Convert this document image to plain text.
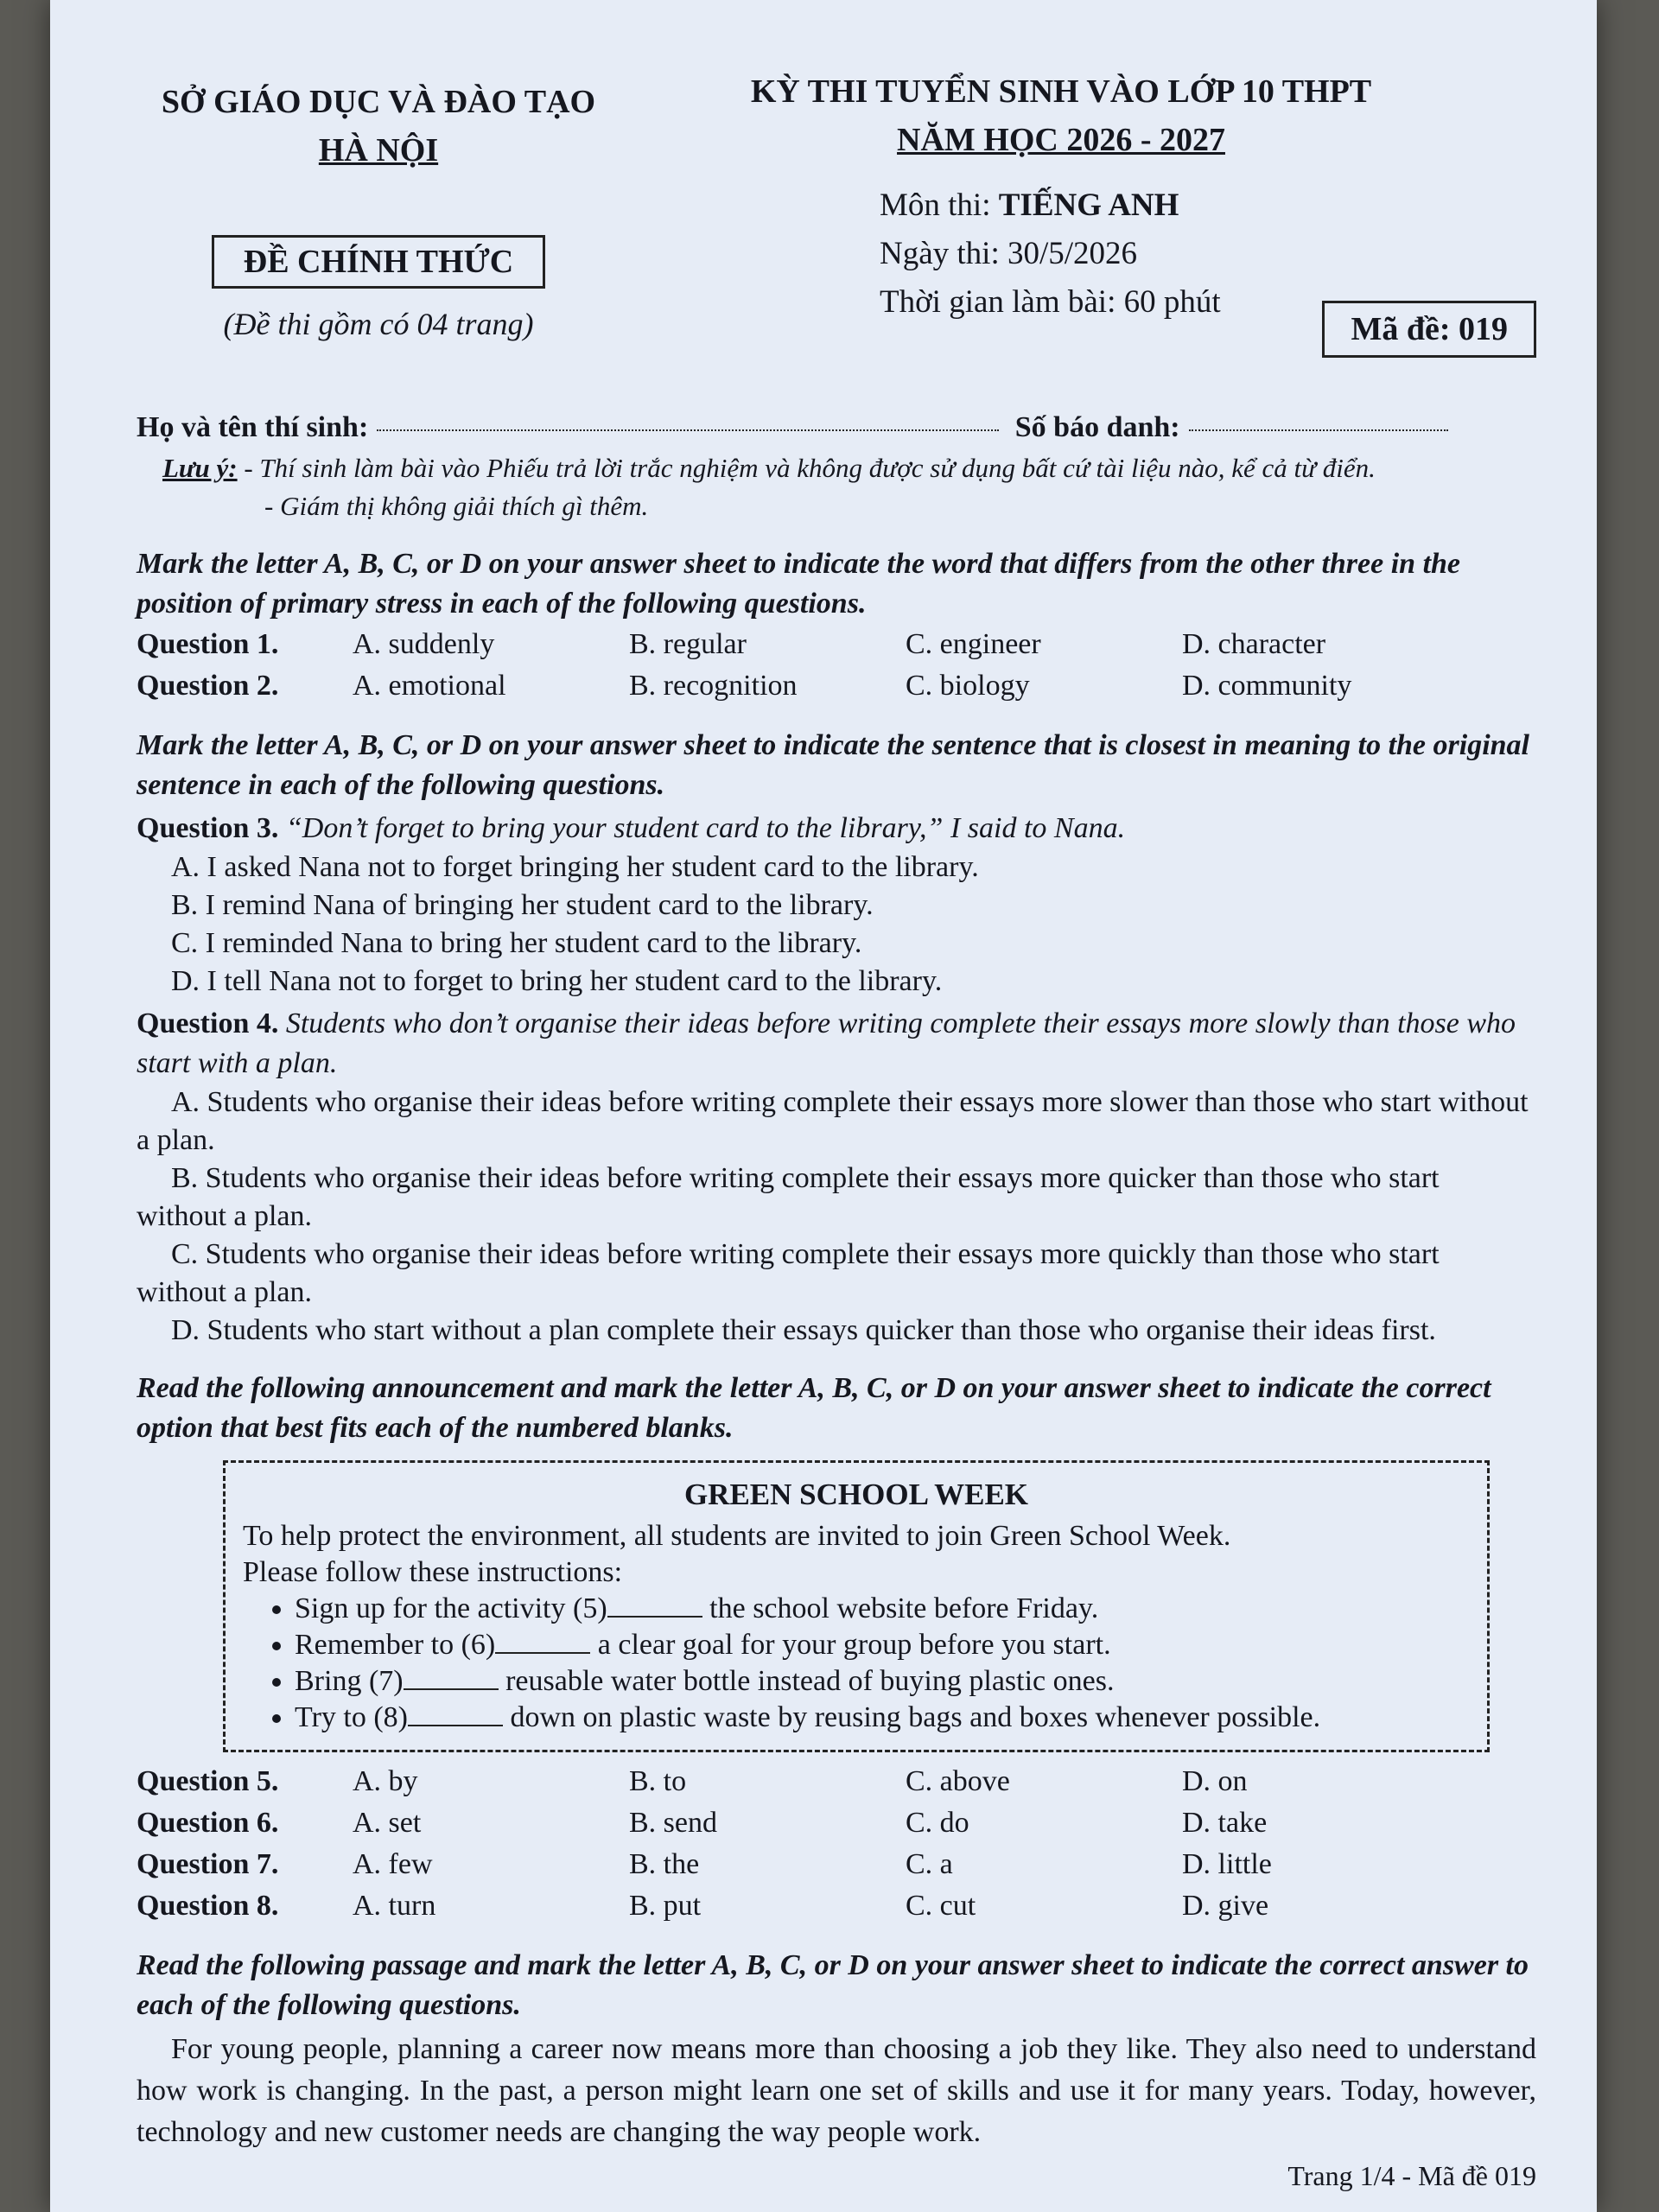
SỞ GIÁO DỤC VÀ ĐÀO TẠO
HÀ NỘI
ĐỀ CHÍNH THỨC
(Đề thi gồm có 04 trang)
KỲ THI TUYỂN SINH VÀO LỚP 10 THPT
NĂM HỌC 2026 - 2027
Môn thi: TIẾNG ANH
Ngày thi: 30/5/2026
Thời gian làm bài: 60 phút
Mã đề: 019
Họ và tên thí sinh:	Số báo danh:
Lưu ý: - Thí sinh làm bài vào Phiếu trả lời trắc nghiệm và không được sử dụng bất cứ tài liệu nào, kể cả từ điển.
- Giám thị không giải thích gì thêm.
Mark the letter A, B, C, or D on your answer sheet to indicate the word that differs from the other three in the position of primary stress in each of the following questions.
Question 1.	A. suddenly	B. regular	C. engineer	D. character
Question 2.	A. emotional	B. recognition	C. biology	D. community
Mark the letter A, B, C, or D on your answer sheet to indicate the sentence that is closest in meaning to the original sentence in each of the following questions.
Question 3. “Don’t forget to bring your student card to the library,” I said to Nana.
A. I asked Nana not to forget bringing her student card to the library.
B. I remind Nana of bringing her student card to the library.
C. I reminded Nana to bring her student card to the library.
D. I tell Nana not to forget to bring her student card to the library.
Question 4. Students who don’t organise their ideas before writing complete their essays more slowly than those who start with a plan.
A. Students who organise their ideas before writing complete their essays more slower than those who start without a plan.
B. Students who organise their ideas before writing complete their essays more quicker than those who start without a plan.
C. Students who organise their ideas before writing complete their essays more quickly than those who start without a plan.
D. Students who start without a plan complete their essays quicker than those who organise their ideas first.
Read the following announcement and mark the letter A, B, C, or D on your answer sheet to indicate the correct option that best fits each of the numbered blanks.
GREEN SCHOOL WEEK
To help protect the environment, all students are invited to join Green School Week.
Please follow these instructions:
• Sign up for the activity (5)	the school website before Friday.
• Remember to (6)	a clear goal for your group before you start.
• Bring (7)	reusable water bottle instead of buying plastic ones.
• Try to (8)	down on plastic waste by reusing bags and boxes whenever possible.
Question 5.	A. by	B. to	C. above	D. on
Question 6.	A. set	B. send	C. do	D. take
Question 7.	A. few	B. the	C. a	D. little
Question 8.	A. turn	B. put	C. cut	D. give
Read the following passage and mark the letter A, B, C, or D on your answer sheet to indicate the correct answer to each of the following questions.
For young people, planning a career now means more than choosing a job they like. They also need to understand how work is changing. In the past, a person might learn one set of skills and use it for many years. Today, however, technology and new customer needs are changing the way people work.
Trang 1/4 - Mã đề 019
